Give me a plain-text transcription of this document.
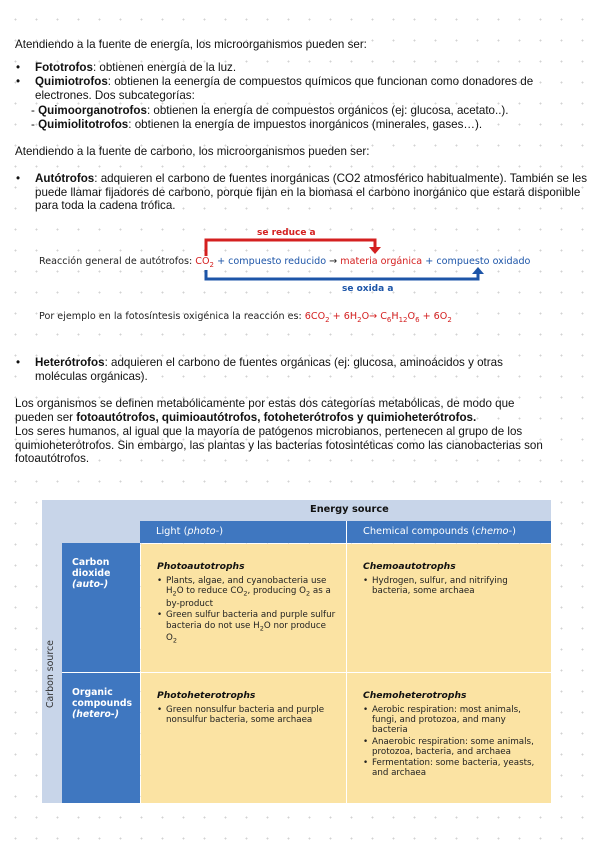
Atendiendo a la fuente de energía, los microorganismos pueden ser:

• Fototrofos: obtienen energía de la luz.

• Quimiotrofos: obtienen la eenergía de compuestos químicos que funcionan como donadores de electrones. Dos subcategorías:

- Quimoorganotrofos: obtienen la energía de compuestos orgánicos (ej: glucosa, acetato..).
- Quimiolitotrofos: obtienen la energía de impuestos inorgánicos (minerales, gases…).

Atendiendo a la fuente de carbono, los microorganismos pueden ser:

• Autótrofos: adquieren el carbono de fuentes inorgánicas (CO2 atmosférico habitualmente). También se les puede llamar fijadores de carbono, porque fijan en la biomasa el carbono inorgánico que estará disponible para toda la cadena trófica.

se reduce a
se oxida a
Reacción general de autótrofos: $CO_2$ + compuesto reducido → materia orgánica + compuesto oxidado
Por ejemplo en la fotosíntesis oxigénica la reacción es: $6CO_2 + 6H_2O\to C_6H_{12}O_6 + 6O_2$
• Heterótrofos: adquieren el carbono de fuentes orgánicas (ej: glucosa, aminoácidos y otras moléculas orgánicas).

Los organismos se definen metabólicamente por estas dos categorías metabólicas, de modo que pueden ser fotoautótrofos, quimioautótrofos, fotoheterótrofos y quimioheterótrofos.

Los seres humanos, al igual que la mayoría de patógenos microbianos, pertenecen al grupo de los quimioheterótrofos. Sin embargo, las plantas y las bacterias fotosintéticas como las cianobacterias son fotoautótrofos.

Energy source
Light (photo-)	Chemical compounds (chemo-)
Carbon source
Carbon dioxide
(auto-)
Organic compounds
(hetero-)
Photoautotrophs
• Plants, algae, and cyanobacteria use $H_2O$ to reduce $CO_2$, producing $O_2$ as a by-product
• Green sulfur bacteria and purple sulfur bacteria do not use $H_2O$ nor produce $O_2$
Chemoautotrophs
• Hydrogen, sulfur, and nitrifying bacteria, some archaea
Photoheterotrophs
• Green nonsulfur bacteria and purple nonsulfur bacteria, some archaea
Chemoheterotrophs
• Aerobic respiration: most animals, fungi, and protozoa, and many bacteria
• Anaerobic respiration: some animals, protozoa, bacteria, and archaea
• Fermentation: some bacteria, yeasts, and archaea
